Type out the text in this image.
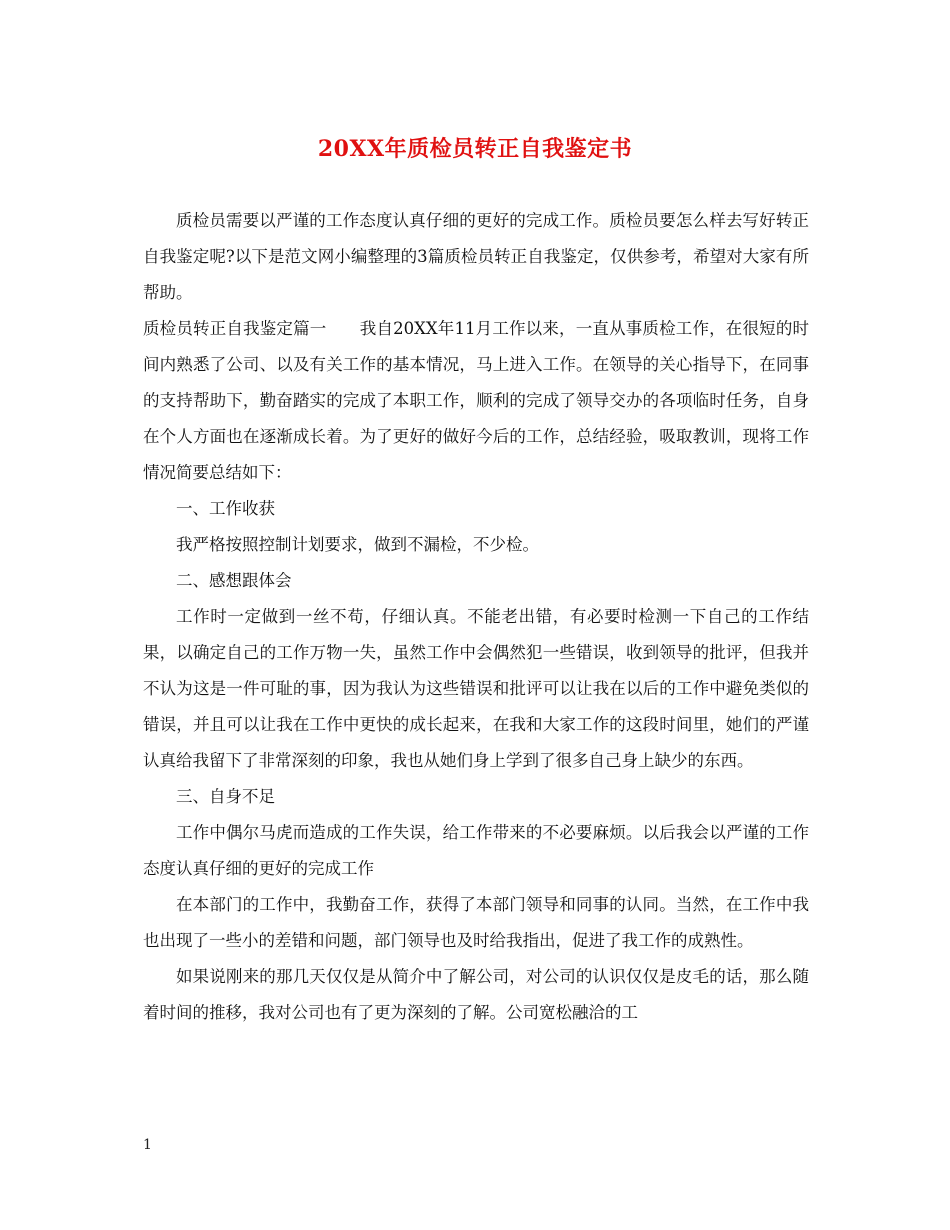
20XX年质检员转正自我鉴定书

质检员需要以严谨的工作态度认真仔细的更好的完成工作。质检员要怎么样去写好转正自我鉴定呢?以下是范文网小编整理的3篇质检员转正自我鉴定，仅供参考，希望对大家有所帮助。

质检员转正自我鉴定篇一　　我自20XX年11月工作以来，一直从事质检工作，在很短的时间内熟悉了公司、以及有关工作的基本情况，马上进入工作。在领导的关心指导下，在同事的支持帮助下，勤奋踏实的完成了本职工作，顺利的完成了领导交办的各项临时任务，自身在个人方面也在逐渐成长着。为了更好的做好今后的工作，总结经验，吸取教训，现将工作情况简要总结如下：

一、工作收获

我严格按照控制计划要求，做到不漏检，不少检。

二、感想跟体会

工作时一定做到一丝不苟，仔细认真。不能老出错，有必要时检测一下自己的工作结果，以确定自己的工作万物一失，虽然工作中会偶然犯一些错误，收到领导的批评，但我并不认为这是一件可耻的事，因为我认为这些错误和批评可以让我在以后的工作中避免类似的错误，并且可以让我在工作中更快的成长起来，在我和大家工作的这段时间里，她们的严谨认真给我留下了非常深刻的印象，我也从她们身上学到了很多自己身上缺少的东西。

三、自身不足

工作中偶尔马虎而造成的工作失误，给工作带来的不必要麻烦。以后我会以严谨的工作态度认真仔细的更好的完成工作

在本部门的工作中，我勤奋工作，获得了本部门领导和同事的认同。当然，在工作中我也出现了一些小的差错和问题，部门领导也及时给我指出，促进了我工作的成熟性。

如果说刚来的那几天仅仅是从简介中了解公司，对公司的认识仅仅是皮毛的话，那么随着时间的推移，我对公司也有了更为深刻的了解。公司宽松融洽的工

1
